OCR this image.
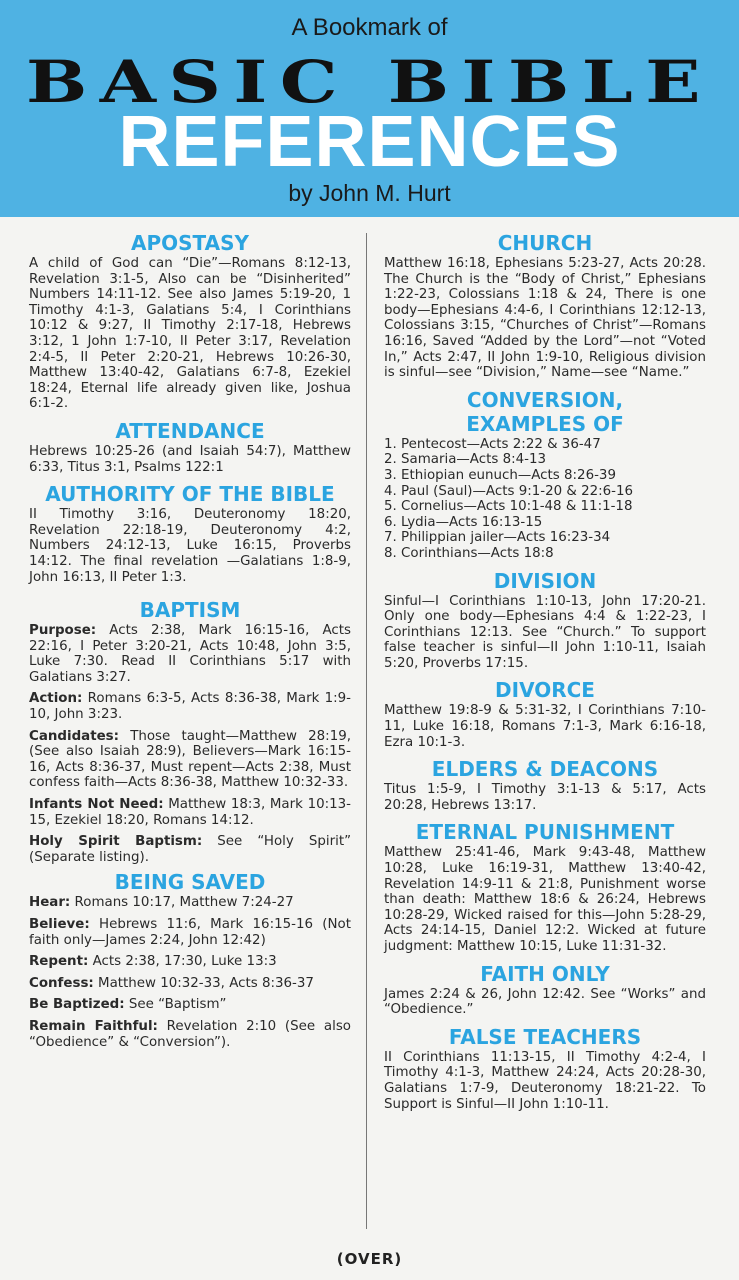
A Bookmark of
BASIC BIBLE
REFERENCES
by John M. Hurt
APOSTASY
A child of God can “Die”—Romans 8:12-13, Revelation 3:1-5, Also can be “Disinherited” Numbers 14:11-12. See also James 5:19-20, 1 Timothy 4:1-3, Galatians 5:4, I Corinthians 10:12 & 9:27, II Timothy 2:17-18, Hebrews 3:12, 1 John 1:7-10, II Peter 3:17, Revelation 2:4-5, II Peter 2:20-21, Hebrews 10:26-30, Matthew 13:40-42, Galatians 6:7-8, Ezekiel 18:24, Eternal life already given like, Joshua 6:1-2.
ATTENDANCE
Hebrews 10:25-26 (and Isaiah 54:7), Matthew 6:33, Titus 3:1, Psalms 122:1
AUTHORITY OF THE BIBLE
II Timothy 3:16, Deuteronomy 18:20, Revelation 22:18-19, Deuteronomy 4:2, Numbers 24:12-13, Luke 16:15, Proverbs 14:12. The final revelation —Galatians 1:8-9, John 16:13, II Peter 1:3.
BAPTISM
Purpose: Acts 2:38, Mark 16:15-16, Acts 22:16, I Peter 3:20-21, Acts 10:48, John 3:5, Luke 7:30. Read II Corinthians 5:17 with Galatians 3:27.
Action: Romans 6:3-5, Acts 8:36-38, Mark 1:9-10, John 3:23.
Candidates: Those taught—Matthew 28:19, (See also Isaiah 28:9), Believers—Mark 16:15-16, Acts 8:36-37, Must repent—Acts 2:38, Must confess faith—Acts 8:36-38, Matthew 10:32-33.
Infants Not Need: Matthew 18:3, Mark 10:13-15, Ezekiel 18:20, Romans 14:12.
Holy Spirit Baptism: See “Holy Spirit” (Separate listing).
BEING SAVED
Hear: Romans 10:17, Matthew 7:24-27
Believe: Hebrews 11:6, Mark 16:15-16 (Not faith only—James 2:24, John 12:42)
Repent: Acts 2:38, 17:30, Luke 13:3
Confess: Matthew 10:32-33, Acts 8:36-37
Be Baptized: See “Baptism”
Remain Faithful: Revelation 2:10 (See also “Obedience” & “Conversion”).
CHURCH
Matthew 16:18, Ephesians 5:23-27, Acts 20:28. The Church is the “Body of Christ,” Ephesians 1:22-23, Colossians 1:18 & 24, There is one body—Ephesians 4:4-6, I Corinthians 12:12-13, Colossians 3:15, “Churches of Christ”—Romans 16:16, Saved “Added by the Lord”—not “Voted In,” Acts 2:47, II John 1:9-10, Religious division is sinful—see “Division,” Name—see “Name.”
CONVERSION,
EXAMPLES OF
1. Pentecost—Acts 2:22 & 36-47
2. Samaria—Acts 8:4-13
3. Ethiopian eunuch—Acts 8:26-39
4. Paul (Saul)—Acts 9:1-20 & 22:6-16
5. Cornelius—Acts 10:1-48 & 11:1-18
6. Lydia—Acts 16:13-15
7. Philippian jailer—Acts 16:23-34
8. Corinthians—Acts 18:8
DIVISION
Sinful—I Corinthians 1:10-13, John 17:20-21. Only one body—Ephesians 4:4 & 1:22-23, I Corinthians 12:13. See “Church.” To support false teacher is sinful—II John 1:10-11, Isaiah 5:20, Proverbs 17:15.
DIVORCE
Matthew 19:8-9 & 5:31-32, I Corinthians 7:10-11, Luke 16:18, Romans 7:1-3, Mark 6:16-18, Ezra 10:1-3.
ELDERS & DEACONS
Titus 1:5-9, I Timothy 3:1-13 & 5:17, Acts 20:28, Hebrews 13:17.
ETERNAL PUNISHMENT
Matthew 25:41-46, Mark 9:43-48, Matthew 10:28, Luke 16:19-31, Matthew 13:40-42, Revelation 14:9-11 & 21:8, Punishment worse than death: Matthew 18:6 & 26:24, Hebrews 10:28-29, Wicked raised for this—John 5:28-29, Acts 24:14-15, Daniel 12:2. Wicked at future judgment: Matthew 10:15, Luke 11:31-32.
FAITH ONLY
James 2:24 & 26, John 12:42. See “Works” and “Obedience.”
FALSE TEACHERS
II Corinthians 11:13-15, II Timothy 4:2-4, I Timothy 4:1-3, Matthew 24:24, Acts 20:28-30, Galatians 1:7-9, Deuteronomy 18:21-22. To Support is Sinful—II John 1:10-11.
(OVER)
